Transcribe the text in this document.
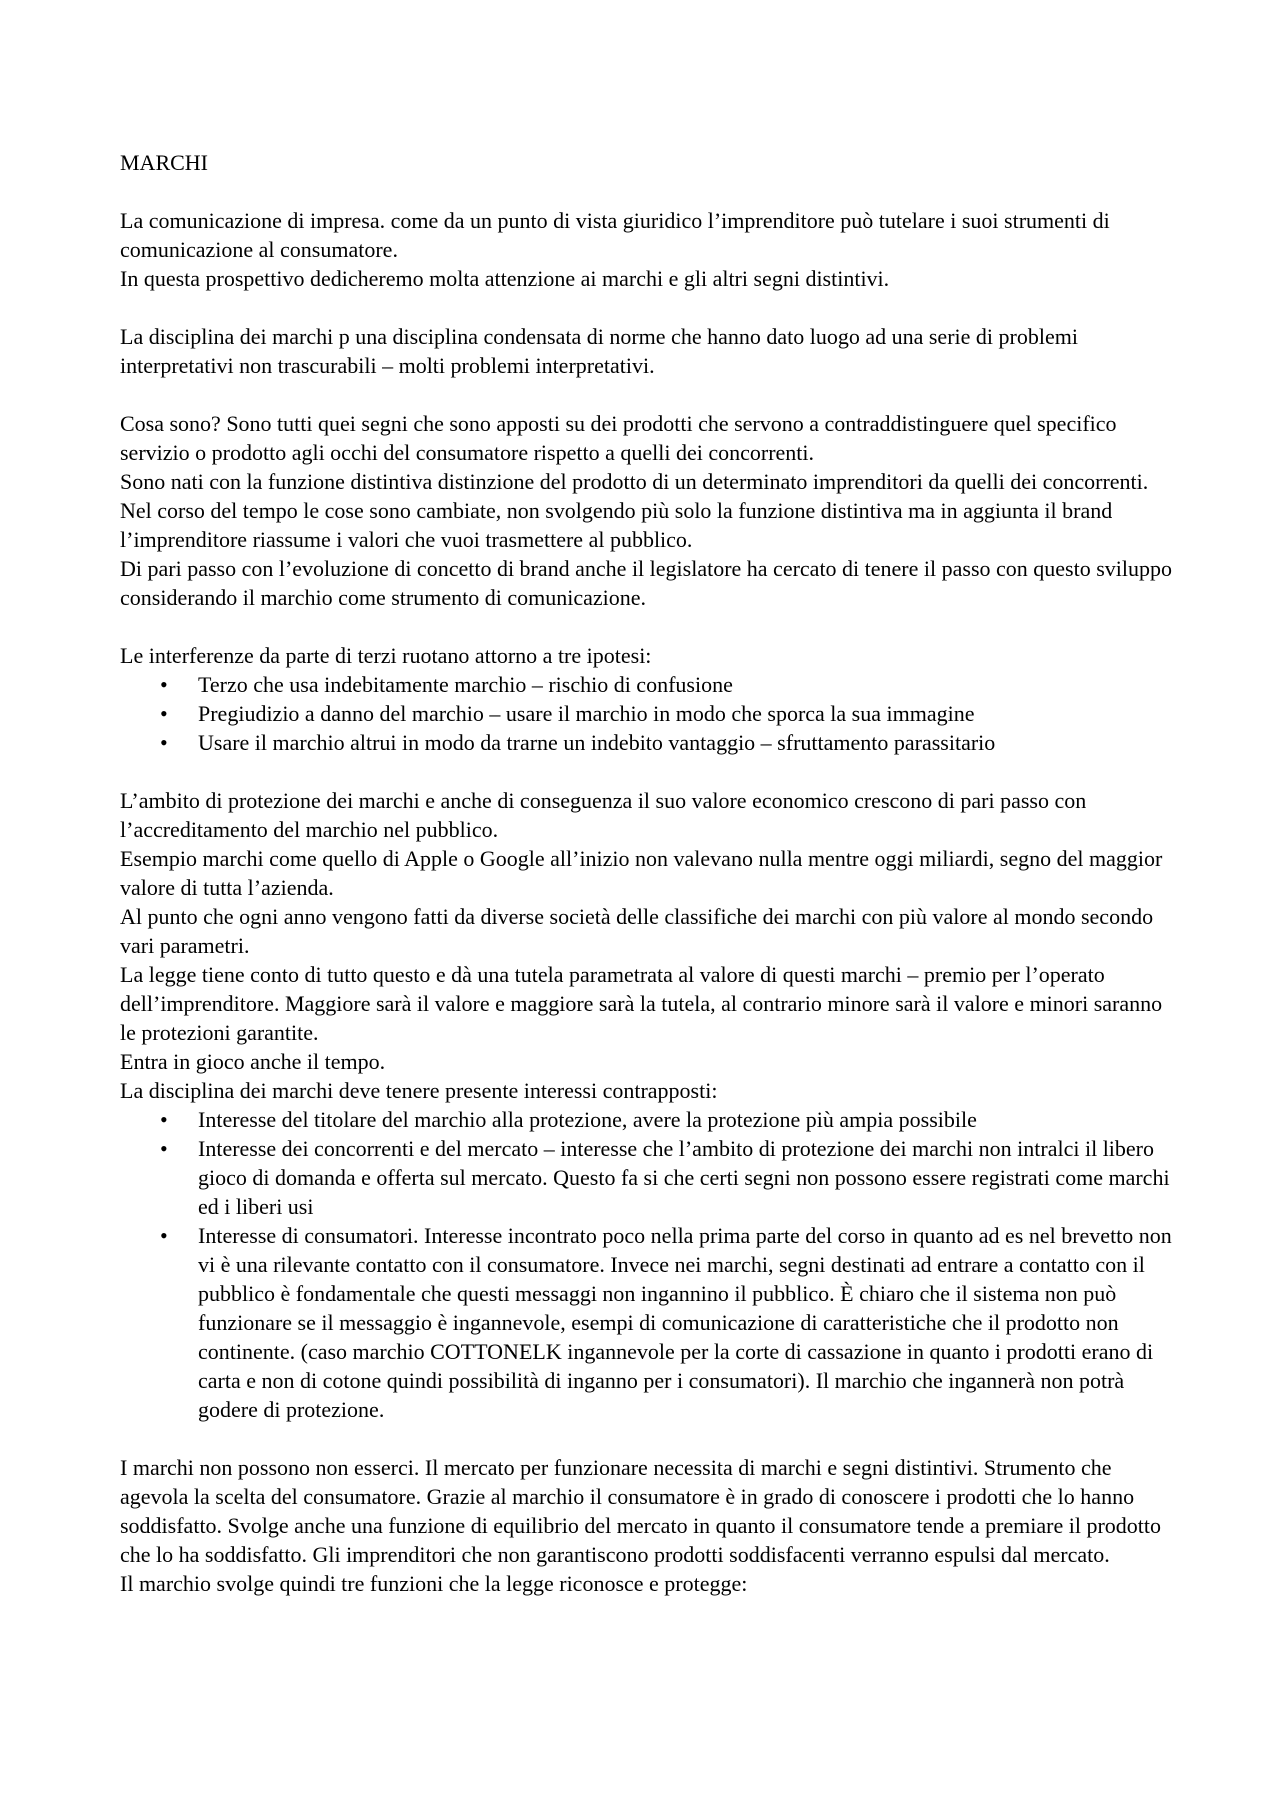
MARCHI

La comunicazione di impresa. come da un punto di vista giuridico l’imprenditore può tutelare i suoi strumenti di comunicazione al consumatore.

In questa prospettivo dedicheremo molta attenzione ai marchi e gli altri segni distintivi.

La disciplina dei marchi p una disciplina condensata di norme che hanno dato luogo ad una serie di problemi interpretativi non trascurabili – molti problemi interpretativi.

Cosa sono? Sono tutti quei segni che sono apposti su dei prodotti che servono a contraddistinguere quel specifico servizio o prodotto agli occhi del consumatore rispetto a quelli dei concorrenti.

Sono nati con la funzione distintiva distinzione del prodotto di un determinato imprenditori da quelli dei concorrenti.

Nel corso del tempo le cose sono cambiate, non svolgendo più solo la funzione distintiva ma in aggiunta il brand l’imprenditore riassume i valori che vuoi trasmettere al pubblico.

Di pari passo con l’evoluzione di concetto di brand anche il legislatore ha cercato di tenere il passo con questo sviluppo considerando il marchio come strumento di comunicazione.

Le interferenze da parte di terzi ruotano attorno a tre ipotesi:

• Terzo che usa indebitamente marchio – rischio di confusione
• Pregiudizio a danno del marchio – usare il marchio in modo che sporca la sua immagine
• Usare il marchio altrui in modo da trarne un indebito vantaggio – sfruttamento parassitario

L’ambito di protezione dei marchi e anche di conseguenza il suo valore economico crescono di pari passo con l’accreditamento del marchio nel pubblico.

Esempio marchi come quello di Apple o Google all’inizio non valevano nulla mentre oggi miliardi, segno del maggior valore di tutta l’azienda.

Al punto che ogni anno vengono fatti da diverse società delle classifiche dei marchi con più valore al mondo secondo vari parametri.

La legge tiene conto di tutto questo e dà una tutela parametrata al valore di questi marchi – premio per l’operato dell’imprenditore. Maggiore sarà il valore e maggiore sarà la tutela, al contrario minore sarà il valore e minori saranno le protezioni garantite.

Entra in gioco anche il tempo.

La disciplina dei marchi deve tenere presente interessi contrapposti:

• Interesse del titolare del marchio alla protezione, avere la protezione più ampia possibile
• Interesse dei concorrenti e del mercato – interesse che l’ambito di protezione dei marchi non intralci il libero gioco di domanda e offerta sul mercato. Questo fa si che certi segni non possono essere registrati come marchi ed i liberi usi
• Interesse di consumatori. Interesse incontrato poco nella prima parte del corso in quanto ad es nel brevetto non vi è una rilevante contatto con il consumatore. Invece nei marchi, segni destinati ad entrare a contatto con il pubblico è fondamentale che questi messaggi non ingannino il pubblico. È chiaro che il sistema non può funzionare se il messaggio è ingannevole, esempi di comunicazione di caratteristiche che il prodotto non continente. (caso marchio COTTONELK ingannevole per la corte di cassazione in quanto i prodotti erano di carta e non di cotone quindi possibilità di inganno per i consumatori). Il marchio che ingannerà non potrà godere di protezione.

I marchi non possono non esserci. Il mercato per funzionare necessita di marchi e segni distintivi. Strumento che agevola la scelta del consumatore. Grazie al marchio il consumatore è in grado di conoscere i prodotti che lo hanno soddisfatto. Svolge anche una funzione di equilibrio del mercato in quanto il consumatore tende a premiare il prodotto che lo ha soddisfatto. Gli imprenditori che non garantiscono prodotti soddisfacenti verranno espulsi dal mercato.

Il marchio svolge quindi tre funzioni che la legge riconosce e protegge:
